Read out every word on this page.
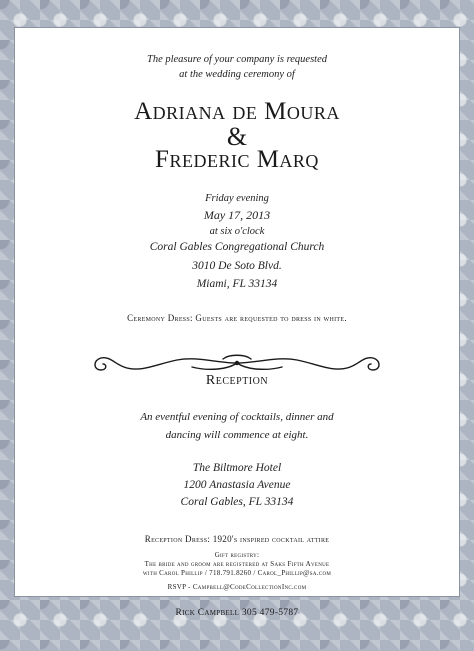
The pleasure of your company is requested
at the wedding ceremony of
Adriana de Moura
&
Frederic Marq
Friday evening
May 17, 2013
at six o'clock
Coral Gables Congregational Church
3010 De Soto Blvd.
Miami, FL 33134
Ceremony Dress: Guests are requested to dress in white.
Reception
An eventful evening of cocktails, dinner and
dancing will commence at eight.
The Biltmore Hotel
1200 Anastasia Avenue
Coral Gables, FL 33134
Reception Dress: 1920's inspired cocktail attire
Gift registry:
The bride and groom are registered at Saks Fifth Avenue
with Carol Phillip / 718.791.8260 / Carol_Phillip@sa.com
RSVP - Campbell@CodeCollectionInc.com
Rick Campbell 305 479-5787
